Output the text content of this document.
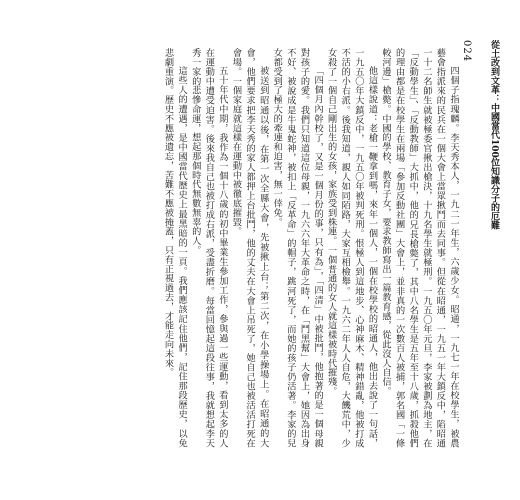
024 從土改到文革：中國當代100位知識分子的厄難

四個子指瑰麟。李天秀本人，一九二一年生，六歲少女。昭通，一九七一年在校學生，被農藝會指派來的民兵在一個大會上當眾揪鬥而去同事。但從在昭通，一九五一年大鎮反中，陷昭通一十二名師生就被極委官揪出槍決，十九名學生就極刑。一九五〇年元旦，李家被劃為地主，在「反動學生」、「反動教師」大抓中，他的兄長槍斃了，其中八名學生是五年至十八歲，抓殺他們的理由都是在校學生在兩場「參加反動社團」大會上，並非真的一次數百人被捕，郭名國「一條較河邊」槍斃。中國的學校、教育子女，要求教師寫出一篇教育感，從此沒人自信。

他這樣說道：老槍一鞭拿到嗎，來年一個人，一個在校學校的昭通人，他出去說了一句話，一九五〇年大鎮反中，一九五〇年被判死刑。恨極人到這地步、心神麻木、精神錯亂，他被打成不活的小右派。後我知道，親人如同陌路，大家互相檢舉。一九六二年人人自危，大饑荒中，少女殺了一個自己剛出生的女孩，家族受到株連。一個普通的女人就這樣被時代摧殘。

「四個月內幹校了，又是一個月份的事，只有為」，「四清」中被批鬥，他抱著的是一個母親對孩子的愛。我們只知道這位母親，一九六六年大革命之時，在「鬥黑幫」大會上，她因為出身不好、被說成是牛鬼蛇神，被扣上「反革命」的帽子，跳河死了，而她的孩子仍活著。李家的兒女都受到了極大的牽連和迫害，無一倖免。

被送到昭通以後，在第一次全縣大會，先被揪上台；第二次，在小學操場上。在昭通的大會，他們要求把李天秀的家人都押上台批鬥，他的丈夫在大會上吊死了，她自己也被活活打死在會場。一個家庭就這樣在運動中被徹底摧毀。

五十年代中期，我作為一個十八歲的初中畢業生參加工作，參與過一些運動，看到太多的人在運動中遭受迫害。後來我自己也被打成右派，受盡折磨。每當回憶起這段往事，我就想起李天秀一家的悲慘命運，想起那個時代無數無辜的人。

這些人的遭遇，是中國當代歷史上最黑暗的一頁。我們應該記住他們，記住那段歷史，以免悲劇重演。歷史不應被遺忘，苦難不應被掩蓋，只有正視過去，才能走向未來。
